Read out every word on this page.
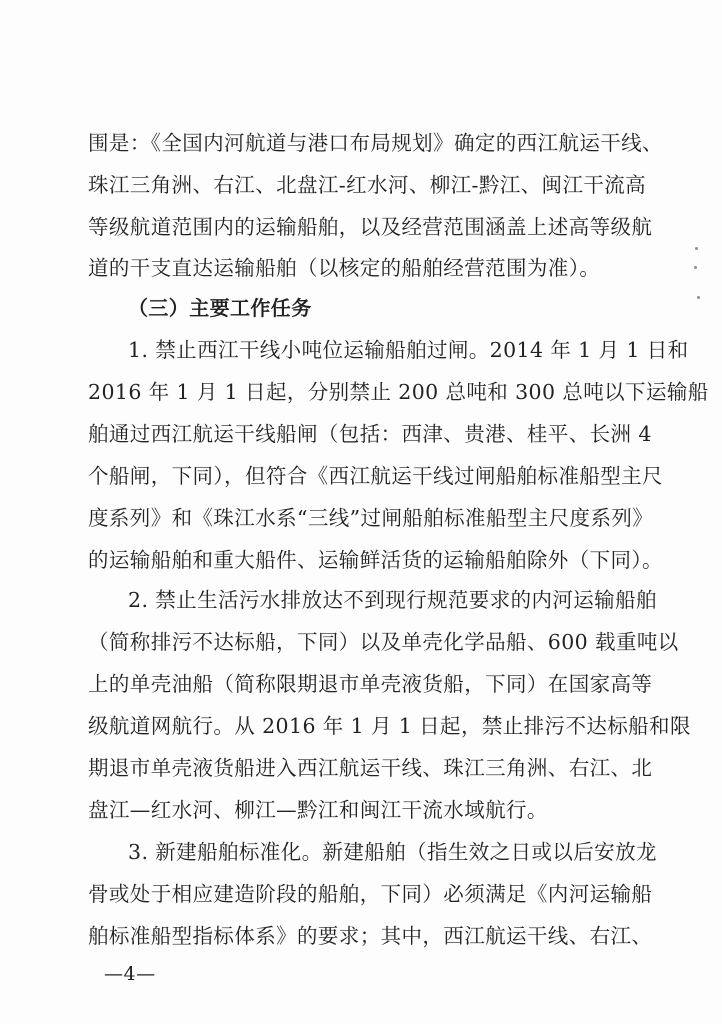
围是：《全国内河航道与港口布局规划》确定的西江航运干线、
珠江三角洲、右江、北盘江-红水河、柳江-黔江、闽江干流高
等级航道范围内的运输船舶，以及经营范围涵盖上述高等级航
道的干支直达运输船舶（以核定的船舶经营范围为准）。
（三）主要工作任务
1. 禁止西江干线小吨位运输船舶过闸。2014 年 1 月 1 日和
2016 年 1 月 1 日起，分别禁止 200 总吨和 300 总吨以下运输船
舶通过西江航运干线船闸（包括：西津、贵港、桂平、长洲 4
个船闸，下同），但符合《西江航运干线过闸船舶标准船型主尺
度系列》和《珠江水系“三线”过闸船舶标准船型主尺度系列》
的运输船舶和重大船件、运输鲜活货的运输船舶除外（下同）。
2. 禁止生活污水排放达不到现行规范要求的内河运输船舶
（简称排污不达标船，下同）以及单壳化学品船、600 载重吨以
上的单壳油船（简称限期退市单壳液货船，下同）在国家高等
级航道网航行。从 2016 年 1 月 1 日起，禁止排污不达标船和限
期退市单壳液货船进入西江航运干线、珠江三角洲、右江、北
盘江—红水河、柳江—黔江和闽江干流水域航行。
3. 新建船舶标准化。新建船舶（指生效之日或以后安放龙
骨或处于相应建造阶段的船舶，下同）必须满足《内河运输船
舶标准船型指标体系》的要求；其中，西江航运干线、右江、
—4—
